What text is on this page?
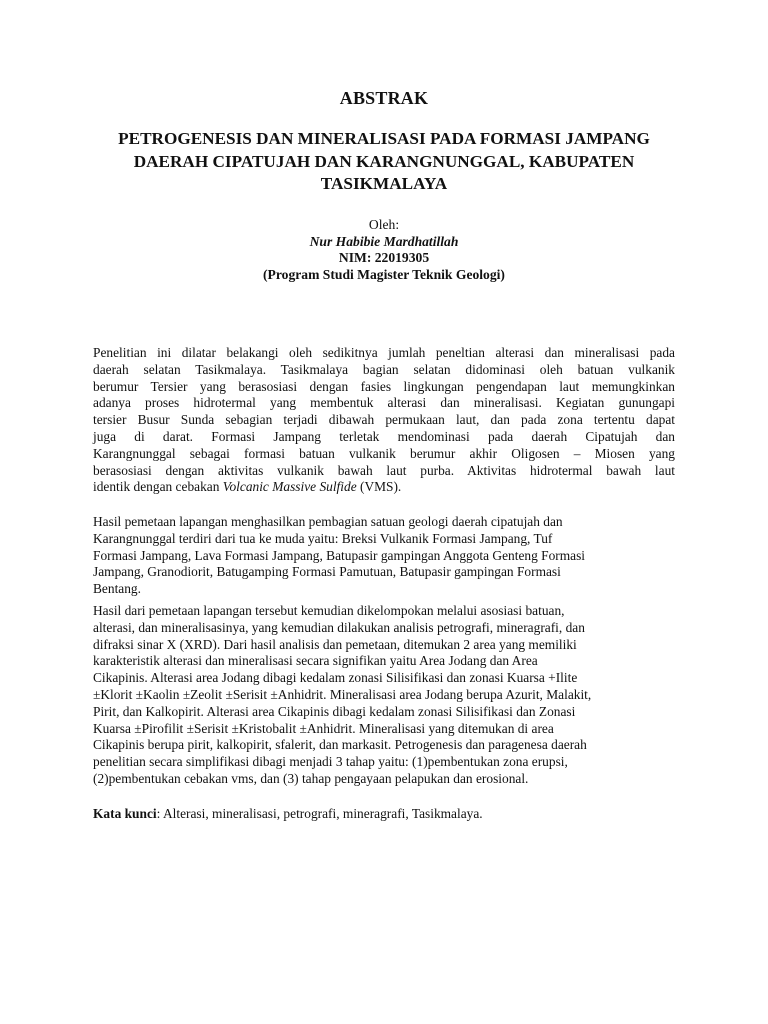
ABSTRAK
PETROGENESIS DAN MINERALISASI PADA FORMASI JAMPANG
DAERAH CIPATUJAH DAN KARANGNUNGGAL, KABUPATEN
TASIKMALAYA
Oleh:
Nur Habibie Mardhatillah
NIM: 22019305
(Program Studi Magister Teknik Geologi)
Penelitian ini dilatar belakangi oleh sedikitnya jumlah peneltian alterasi dan mineralisasi pada
daerah selatan Tasikmalaya. Tasikmalaya bagian selatan didominasi oleh batuan vulkanik
berumur Tersier yang berasosiasi dengan fasies lingkungan pengendapan laut memungkinkan
adanya proses hidrotermal yang membentuk alterasi dan mineralisasi. Kegiatan gunungapi
tersier Busur Sunda sebagian terjadi dibawah permukaan laut, dan pada zona tertentu dapat
juga di darat. Formasi Jampang terletak mendominasi pada daerah Cipatujah dan
Karangnunggal sebagai formasi batuan vulkanik berumur akhir Oligosen – Miosen yang
berasosiasi dengan aktivitas vulkanik bawah laut purba. Aktivitas hidrotermal bawah laut
identik dengan cebakan Volcanic Massive Sulfide (VMS).
Hasil pemetaan lapangan menghasilkan pembagian satuan geologi daerah cipatujah dan
Karangnunggal terdiri dari tua ke muda yaitu: Breksi Vulkanik Formasi Jampang, Tuf
Formasi Jampang, Lava Formasi Jampang, Batupasir gampingan Anggota Genteng Formasi
Jampang, Granodiorit, Batugamping Formasi Pamutuan, Batupasir gampingan Formasi
Bentang.
Hasil dari pemetaan lapangan tersebut kemudian dikelompokan melalui asosiasi batuan,
alterasi, dan mineralisasinya, yang kemudian dilakukan analisis petrografi, mineragrafi, dan
difraksi sinar X (XRD). Dari hasil analisis dan pemetaan, ditemukan 2 area yang memiliki
karakteristik alterasi dan mineralisasi secara signifikan yaitu Area Jodang dan Area
Cikapinis. Alterasi area Jodang dibagi kedalam zonasi Silisifikasi dan zonasi Kuarsa +Ilite
±Klorit ±Kaolin ±Zeolit ±Serisit ±Anhidrit. Mineralisasi area Jodang berupa Azurit, Malakit,
Pirit, dan Kalkopirit. Alterasi area Cikapinis dibagi kedalam zonasi Silisifikasi dan Zonasi
Kuarsa ±Pirofilit ±Serisit ±Kristobalit ±Anhidrit. Mineralisasi yang ditemukan di area
Cikapinis berupa pirit, kalkopirit, sfalerit, dan markasit. Petrogenesis dan paragenesa daerah
penelitian secara simplifikasi dibagi menjadi 3 tahap yaitu: (1)pembentukan zona erupsi,
(2)pembentukan cebakan vms, dan (3) tahap pengayaan pelapukan dan erosional.
Kata kunci: Alterasi, mineralisasi, petrografi, mineragrafi, Tasikmalaya.
